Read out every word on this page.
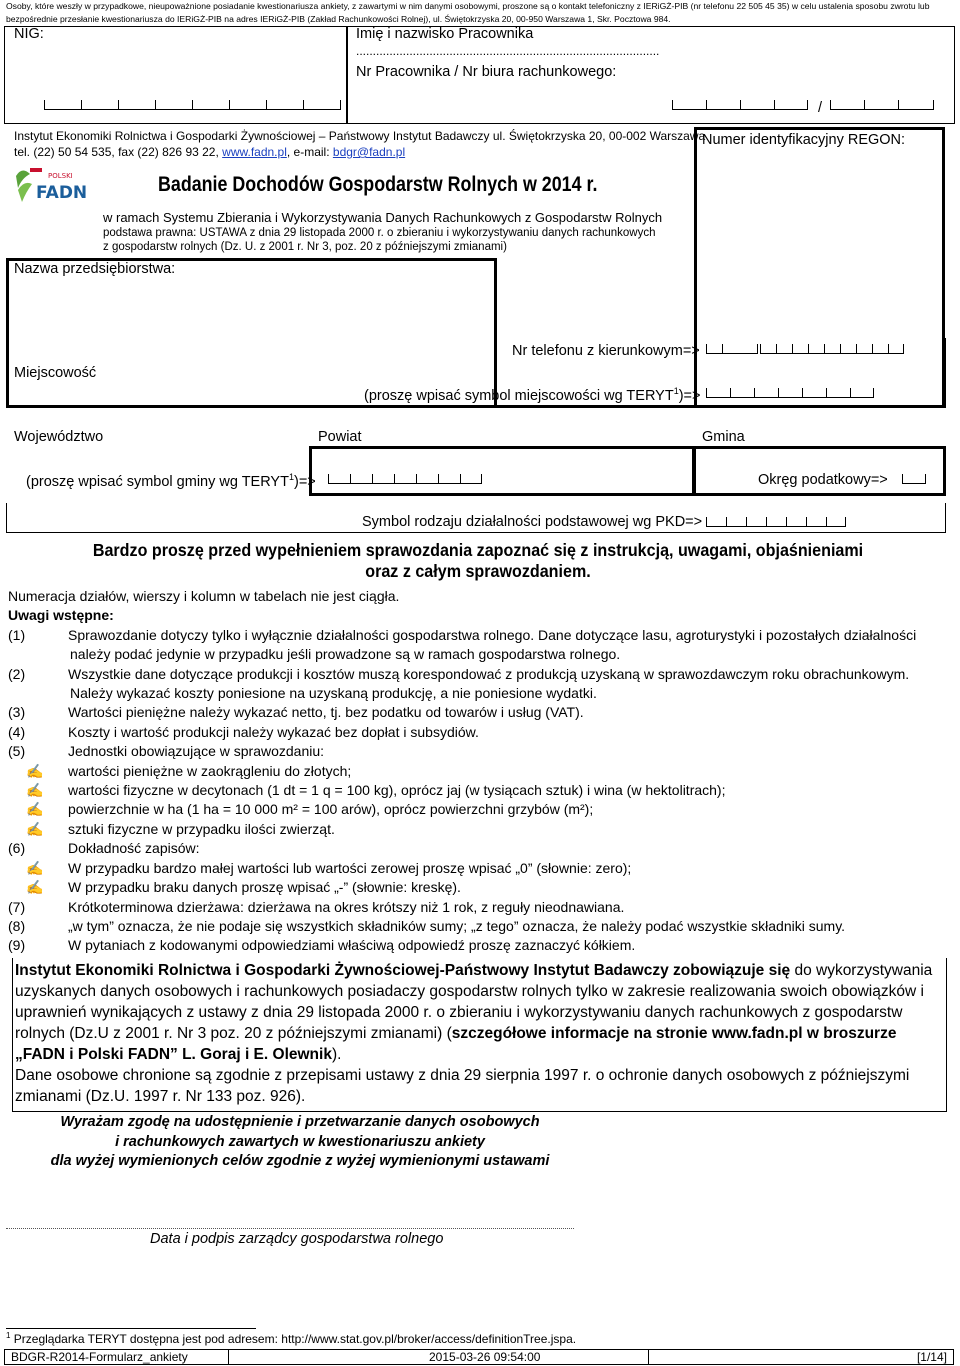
Osoby, które weszły w przypadkowe, nieupoważnione posiadanie kwestionariusza ankiety, z zawartymi w nim danymi osobowymi, proszone są o kontakt telefoniczny z IERiGŻ-PIB (nr telefonu 22 505 45 35) w celu ustalenia sposobu zwrotu lub bezpośrednie przesłanie kwestionariusza do IERiGŻ-PIB na adres IERiGŻ-PIB (Zakład Rachunkowości Rolnej), ul. Świętokrzyska 20, 00-950 Warszawa 1, Skr. Pocztowa 984.
NIG:	Imię i nazwisko Pracownika
...........................................................................................
Nr Pracownika / Nr biura rachunkowego:
/
Instytut Ekonomiki Rolnictwa i Gospodarki Żywnościowej – Państwowy Instytut Badawczy ul. Świętokrzyska 20, 00-002 Warszawa
tel. (22) 50 54 535, fax (22) 826 93 22, www.fadn.pl, e-mail: bdgr@fadn.pl
POLSKI
FADN
Numer identyfikacyjny REGON:
Badanie Dochodów Gospodarstw Rolnych w 2014 r.
w ramach Systemu Zbierania i Wykorzystywania Danych Rachunkowych z Gospodarstw Rolnych
podstawa prawna: USTAWA z dnia 29 listopada 2000 r. o zbieraniu i wykorzystywaniu danych rachunkowych z gospodarstw rolnych (Dz. U. z 2001 r. Nr 3, poz. 20 z późniejszymi zmianami)
Nazwa przedsiębiorstwa:
Nr telefonu z kierunkowym=>
Miejscowość
(proszę wpisać symbol miejscowości wg $TERYT^1)=>$
Województwo	Powiat	Gmina
(proszę wpisać symbol gminy wg $TERYT^1)=>$	Okręg podatkowy=>
Symbol rodzaju działalności podstawowej wg PKD=>
Bardzo proszę przed wypełnieniem sprawozdania zapoznać się z instrukcją, uwagami, objaśnieniami
oraz z całym sprawozdaniem.
Numeracja działów, wierszy i kolumn w tabelach nie jest ciągła.
Uwagi wstępne:
(1)	Sprawozdanie dotyczy tylko i wyłącznie działalności gospodarstwa rolnego. Dane dotyczące lasu, agroturystyki i pozostałych działalności
należy podać jedynie w przypadku jeśli prowadzone są w ramach gospodarstwa rolnego.
(2)	Wszystkie dane dotyczące produkcji i kosztów muszą korespondować z produkcją uzyskaną w sprawozdawczym roku obrachunkowym.
Należy wykazać koszty poniesione na uzyskaną produkcję, a nie poniesione wydatki.
(3)	Wartości pieniężne należy wykazać netto, tj. bez podatku od towarów i usług (VAT).
(4)	Koszty i wartość produkcji należy wykazać bez dopłat i subsydiów.
(5)	Jednostki obowiązujące w sprawozdaniu:
✍	wartości pieniężne w zaokrągleniu do złotych;
✍	wartości fizyczne w decytonach (1 dt = 1 q = 100 kg), oprócz jaj (w tysiącach sztuk) i wina (w hektolitrach);
✍	powierzchnie w ha (1 ha = 10 000 m² = 100 arów), oprócz powierzchni grzybów (m²);
✍	sztuki fizyczne w przypadku ilości zwierząt.
(6)	Dokładność zapisów:
✍	W przypadku bardzo małej wartości lub wartości zerowej proszę wpisać „0” (słownie: zero);
✍	W przypadku braku danych proszę wpisać „-” (słownie: kreskę).
(7)	Krótkoterminowa dzierżawa: dzierżawa na okres krótszy niż 1 rok, z reguły nieodnawiana.
(8)	„w tym” oznacza, że nie podaje się wszystkich składników sumy; „z tego” oznacza, że należy podać wszystkie składniki sumy.
(9)	W pytaniach z kodowanymi odpowiedziami właściwą odpowiedź proszę zaznaczyć kółkiem.
Instytut Ekonomiki Rolnictwa i Gospodarki Żywnościowej-Państwowy Instytut Badawczy zobowiązuje się do wykorzystywania uzyskanych danych osobowych i rachunkowych posiadaczy gospodarstw rolnych tylko w zakresie realizowania swoich obowiązków i uprawnień wynikających z ustawy z dnia 29 listopada 2000 r. o zbieraniu i wykorzystywaniu danych rachunkowych z gospodarstw rolnych (Dz.U z 2001 r. Nr 3 poz. 20 z późniejszymi zmianami) (szczegółowe informacje na stronie www.fadn.pl w broszurze „FADN i Polski FADN” L. Goraj i E. Olewnik).
Dane osobowe chronione są zgodnie z przepisami ustawy z dnia 29 sierpnia 1997 r. o ochronie danych osobowych z późniejszymi zmianami (Dz.U. 1997 r. Nr 133 poz. 926).
Wyrażam zgodę na udostępnienie i przetwarzanie danych osobowych
i rachunkowych zawartych w kwestionariuszu ankiety
dla wyżej wymienionych celów zgodnie z wyżej wymienionymi ustawami
Data i podpis zarządcy gospodarstwa rolnego
$^1$ Przeglądarka TERYT dostępna jest pod adresem: http://www.stat.gov.pl/broker/access/definitionTree.jspa.
BDGR-R2014-Formularz_ankiety	2015-03-26 09:54:00	[1/14]
